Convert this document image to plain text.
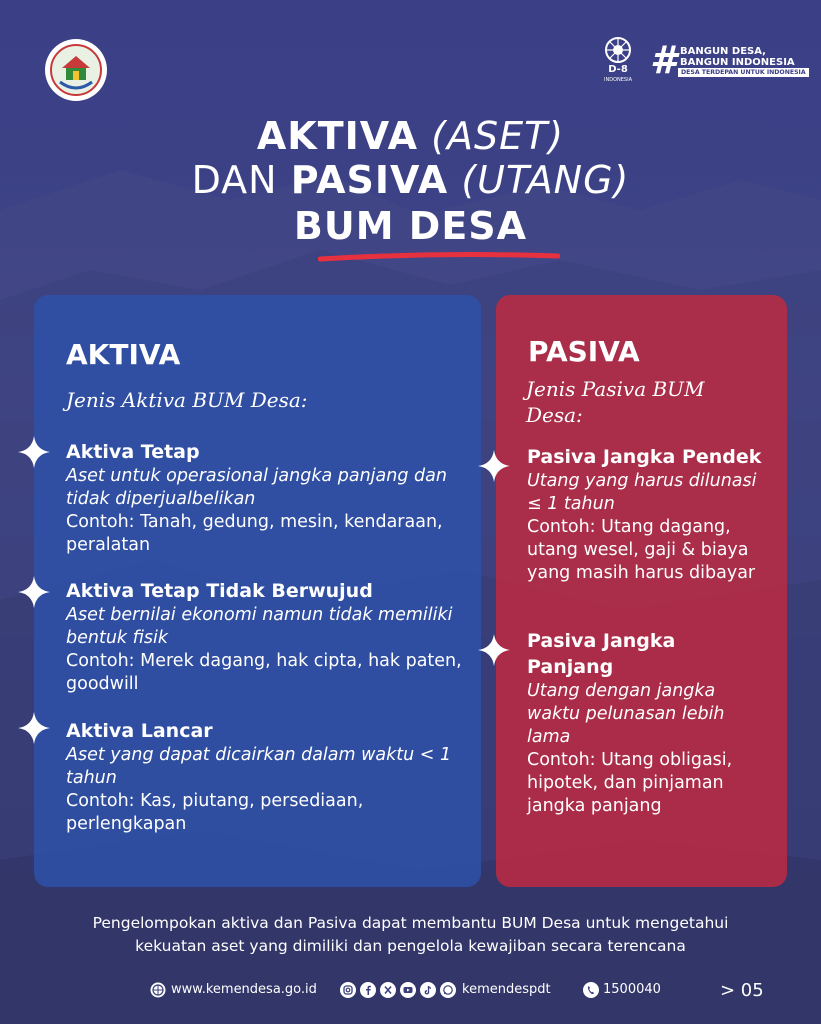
D-8
INDONESIA # BANGUN DESA,
BANGUN INDONESIA
DESA TERDEPAN UNTUK INDONESIA
AKTIVA (ASET)
DAN PASIVA (UTANG)
BUM DESA
AKTIVA
Jenis Aktiva BUM Desa:
Aktiva Tetap
Aset untuk operasional jangka panjang dan tidak diperjualbelikan
Contoh: Tanah, gedung, mesin, kendaraan, peralatan
Aktiva Tetap Tidak Berwujud
Aset bernilai ekonomi namun tidak memiliki bentuk fisik
Contoh: Merek dagang, hak cipta, hak paten, goodwill
Aktiva Lancar
Aset yang dapat dicairkan dalam waktu < 1 tahun
Contoh: Kas, piutang, persediaan, perlengkapan
PASIVA
Jenis Pasiva BUM Desa:
Pasiva Jangka Pendek
Utang yang harus dilunasi ≤ 1 tahun
Contoh: Utang dagang, utang wesel, gaji & biaya yang masih harus dibayar
Pasiva Jangka Panjang
Utang dengan jangka waktu pelunasan lebih lama
Contoh: Utang obligasi, hipotek, dan pinjaman jangka panjang
Pengelompokan aktiva dan Pasiva dapat membantu BUM Desa untuk mengetahui kekuatan aset yang dimiliki dan pengelola kewajiban secara terencana
www.kemendesa.go.id	kemendespdt	1500040	> 05
